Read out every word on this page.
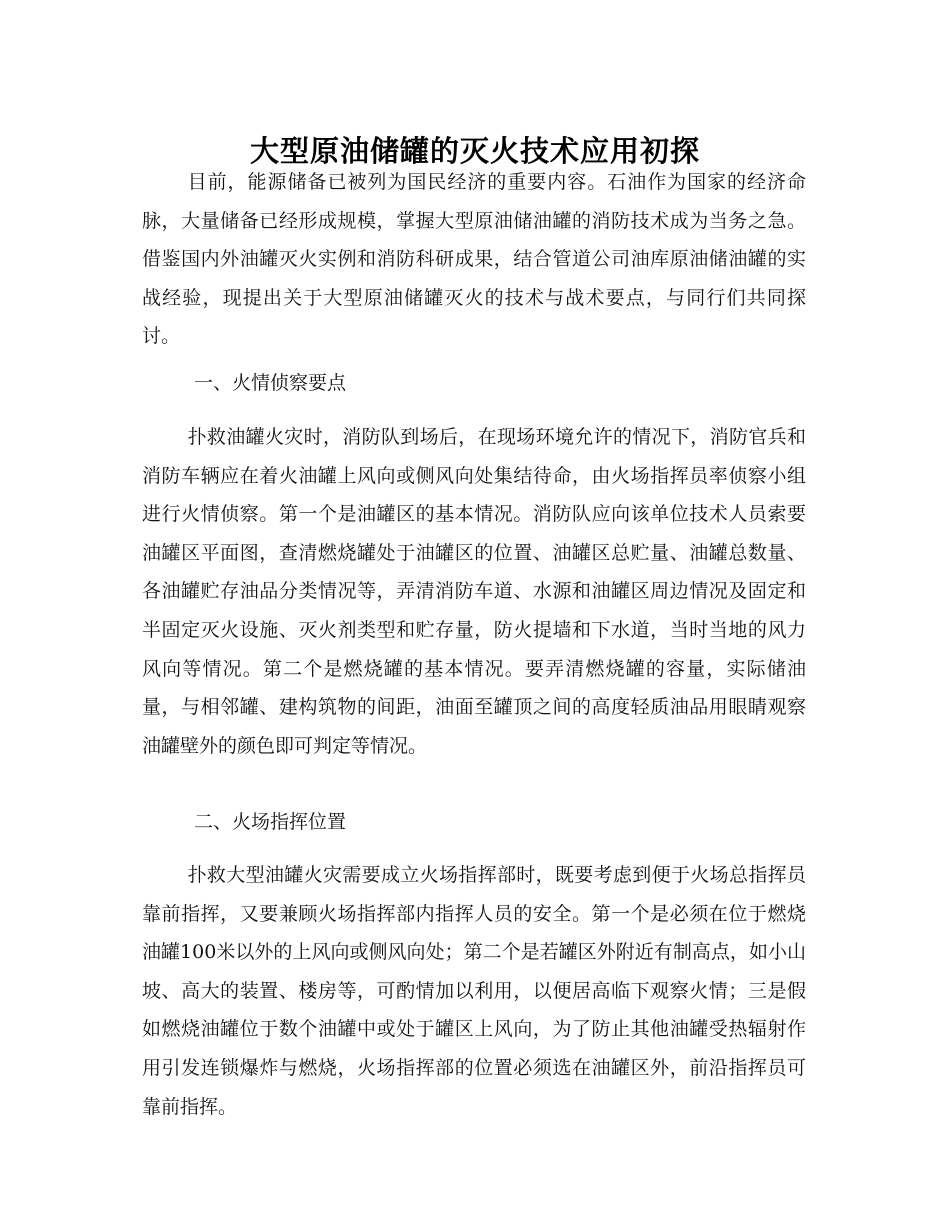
大型原油储罐的灭火技术应用初探

目前，能源储备已被列为国民经济的重要内容。石油作为国家的经济命脉，大量储备已经形成规模，掌握大型原油储油罐的消防技术成为当务之急。借鉴国内外油罐灭火实例和消防科研成果，结合管道公司油库原油储油罐的实战经验，现提出关于大型原油储罐灭火的技术与战术要点，与同行们共同探讨。

一、火情侦察要点

扑救油罐火灾时，消防队到场后，在现场环境允许的情况下，消防官兵和消防车辆应在着火油罐上风向或侧风向处集结待命，由火场指挥员率侦察小组进行火情侦察。第一个是油罐区的基本情况。消防队应向该单位技术人员索要油罐区平面图，查清燃烧罐处于油罐区的位置、油罐区总贮量、油罐总数量、各油罐贮存油品分类情况等，弄清消防车道、水源和油罐区周边情况及固定和半固定灭火设施、灭火剂类型和贮存量，防火提墙和下水道，当时当地的风力风向等情况。第二个是燃烧罐的基本情况。要弄清燃烧罐的容量，实际储油量，与相邻罐、建构筑物的间距，油面至罐顶之间的高度轻质油品用眼睛观察油罐壁外的颜色即可判定等情况。

二、火场指挥位置

扑救大型油罐火灾需要成立火场指挥部时，既要考虑到便于火场总指挥员靠前指挥，又要兼顾火场指挥部内指挥人员的安全。第一个是必须在位于燃烧油罐100米以外的上风向或侧风向处；第二个是若罐区外附近有制高点，如小山坡、高大的装置、楼房等，可酌情加以利用，以便居高临下观察火情；三是假如燃烧油罐位于数个油罐中或处于罐区上风向，为了防止其他油罐受热辐射作用引发连锁爆炸与燃烧，火场指挥部的位置必须选在油罐区外，前沿指挥员可靠前指挥。
